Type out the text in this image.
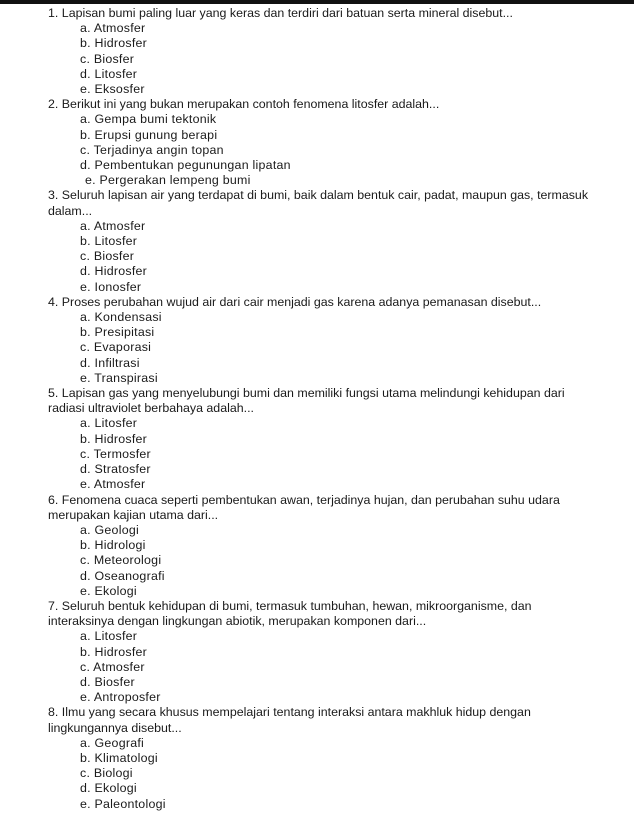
1. Lapisan bumi paling luar yang keras dan terdiri dari batuan serta mineral disebut...
a. Atmosfer
b. Hidrosfer
c. Biosfer
d. Litosfer
e. Eksosfer
2. Berikut ini yang bukan merupakan contoh fenomena litosfer adalah...
a. Gempa bumi tektonik
b. Erupsi gunung berapi
c. Terjadinya angin topan
d. Pembentukan pegunungan lipatan
e. Pergerakan lempeng bumi
3. Seluruh lapisan air yang terdapat di bumi, baik dalam bentuk cair, padat, maupun gas, termasuk dalam...
a. Atmosfer
b. Litosfer
c. Biosfer
d. Hidrosfer
e. Ionosfer
4. Proses perubahan wujud air dari cair menjadi gas karena adanya pemanasan disebut...
a. Kondensasi
b. Presipitasi
c. Evaporasi
d. Infiltrasi
e. Transpirasi
5. Lapisan gas yang menyelubungi bumi dan memiliki fungsi utama melindungi kehidupan dari radiasi ultraviolet berbahaya adalah...
a. Litosfer
b. Hidrosfer
c. Termosfer
d. Stratosfer
e. Atmosfer
6. Fenomena cuaca seperti pembentukan awan, terjadinya hujan, dan perubahan suhu udara merupakan kajian utama dari...
a. Geologi
b. Hidrologi
c. Meteorologi
d. Oseanografi
e. Ekologi
7. Seluruh bentuk kehidupan di bumi, termasuk tumbuhan, hewan, mikroorganisme, dan interaksinya dengan lingkungan abiotik, merupakan komponen dari...
a. Litosfer
b. Hidrosfer
c. Atmosfer
d. Biosfer
e. Antroposfer
8. Ilmu yang secara khusus mempelajari tentang interaksi antara makhluk hidup dengan lingkungannya disebut...
a. Geografi
b. Klimatologi
c. Biologi
d. Ekologi
e. Paleontologi
